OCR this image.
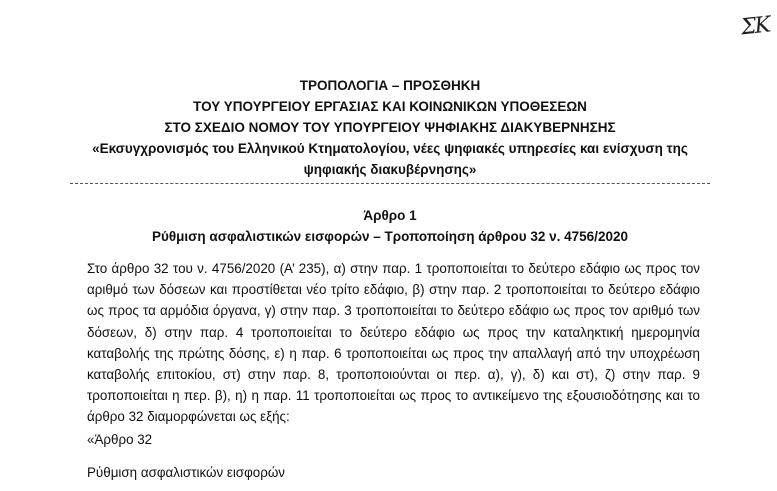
ΣΚ
ΤΡΟΠΟΛΟΓΙΑ – ΠΡΟΣΘΗΚΗ
ΤΟΥ ΥΠΟΥΡΓΕΙΟΥ ΕΡΓΑΣΙΑΣ ΚΑΙ ΚΟΙΝΩΝΙΚΩΝ ΥΠΟΘΕΣΕΩΝ
ΣΤΟ ΣΧΕΔΙΟ ΝΟΜΟΥ ΤΟΥ ΥΠΟΥΡΓΕΙΟΥ ΨΗΦΙΑΚΗΣ ΔΙΑΚΥΒΕΡΝΗΣΗΣ
«Εκσυγχρονισμός του Ελληνικού Κτηματολογίου, νέες ψηφιακές υπηρεσίες και ενίσχυση της
ψηφιακής διακυβέρνησης»
Άρθρο 1
Ρύθμιση ασφαλιστικών εισφορών – Τροποποίηση άρθρου 32 ν. 4756/2020
Στο άρθρο 32 του ν. 4756/2020 (Α’ 235), α) στην παρ. 1 τροποποιείται το δεύτερο εδάφιο ως προς τον
αριθμό των δόσεων και προστίθεται νέο τρίτο εδάφιο, β) στην παρ. 2 τροποποιείται το δεύτερο εδάφιο
ως προς τα αρμόδια όργανα, γ) στην παρ. 3 τροποποιείται το δεύτερο εδάφιο ως προς τον αριθμό των
δόσεων, δ) στην παρ. 4 τροποποιείται το δεύτερο εδάφιο ως προς την καταληκτική ημερομηνία
καταβολής της πρώτης δόσης, ε) η παρ. 6 τροποποιείται ως προς την απαλλαγή από την υποχρέωση
καταβολής επιτοκίου, στ) στην παρ. 8, τροποποιούνται οι περ. α), γ), δ) και στ), ζ) στην παρ. 9
τροποποιείται η περ. β), η) η παρ. 11 τροποποιείται ως προς το αντικείμενο της εξουσιοδότησης και το
άρθρο 32 διαμορφώνεται ως εξής:
«Άρθρο 32
Ρύθμιση ασφαλιστικών εισφορών
